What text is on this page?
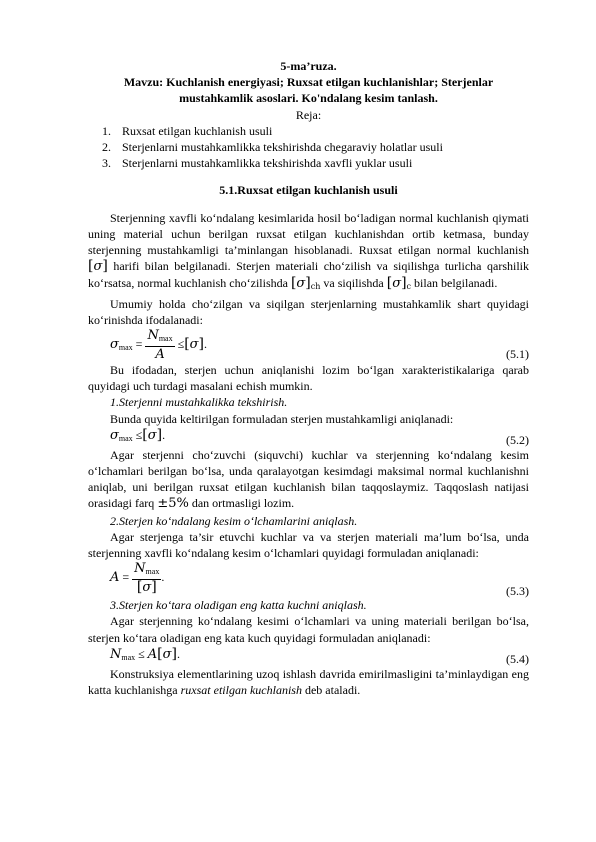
5-ma’ruza.
Mavzu: Kuchlanish energiyasi; Ruxsat etilgan kuchlanishlar; Sterjenlar
mustahkamlik asoslari. Ko'ndalang kesim tanlash.
Reja:
1. Ruxsat etilgan kuchlanish usuli
2. Sterjenlarni mustahkamlikka tekshirishda chegaraviy holatlar usuli
3. Sterjenlarni mustahkamlikka tekshirishda xavfli yuklar usuli
5.1.Ruxsat etilgan kuchlanish usuli

Sterjenning xavfli ko‘ndalang kesimlarida hosil bo‘ladigan normal kuchlanish qiymati uning material uchun berilgan ruxsat etilgan kuchlanishdan ortib ketmasa, bunday sterjenning mustahkamligi ta’minlangan hisoblanadi. Ruxsat etilgan normal kuchlanish [σ] harifi bilan belgilanadi. Sterjen materiali cho‘zilish va siqilishga turlicha qarshilik ko‘rsatsa, normal kuchlanish cho‘zilishda $[\sigma]_{ch}$ va siqilishda $[\sigma]_c$ bilan belgilanadi.

Umumiy holda cho‘zilgan va siqilgan sterjenlarning mustahkamlik shart quyidagi ko‘rinishda ifodalanadi:

$\sigma_{max} = \frac{N_{max}}{A} \le[\sigma]$.
(5.1)

Bu ifodadan, sterjen uchun aniqlanishi lozim bo‘lgan xarakteristikalariga qarab quyidagi uch turdagi masalani echish mumkin.

1.Sterjenni mustahkalikka tekshirish.

Bunda quyida keltirilgan formuladan sterjen mustahkamligi aniqlanadi:

$\sigma_{max} \le[\sigma]$.	(5.2)

Agar sterjenni cho‘zuvchi (siquvchi) kuchlar va sterjenning ko‘ndalang kesim o‘lchamlari berilgan bo‘lsa, unda qaralayotgan kesimdagi maksimal normal kuchlanishni aniqlab, uni berilgan ruxsat etilgan kuchlanish bilan taqqoslaymiz. Taqqoslash natijasi orasidagi farq ±5% dan ortmasligi lozim.

2.Sterjen ko‘ndalang kesim o‘lchamlarini aniqlash.

Agar sterjenga ta’sir etuvchi kuchlar va va sterjen materiali ma’lum bo‘lsa, unda sterjenning xavfli ko‘ndalang kesim o‘lchamlari quyidagi formuladan aniqlanadi:

$A = \frac{N_{max}}{[\sigma]}$ .
(5.3)

3.Sterjen ko‘tara oladigan eng katta kuchni aniqlash.

Agar sterjenning ko‘ndalang kesimi o‘lchamlari va uning materiali berilgan bo‘lsa, sterjen ko‘tara oladigan eng kata kuch quyidagi formuladan aniqlanadi:

$N_{max} \le A[\sigma]$.	(5.4)

Konstruksiya elementlarining uzoq ishlash davrida emirilmasligini ta’minlaydigan eng katta kuchlanishga ruxsat etilgan kuchlanish deb ataladi.
